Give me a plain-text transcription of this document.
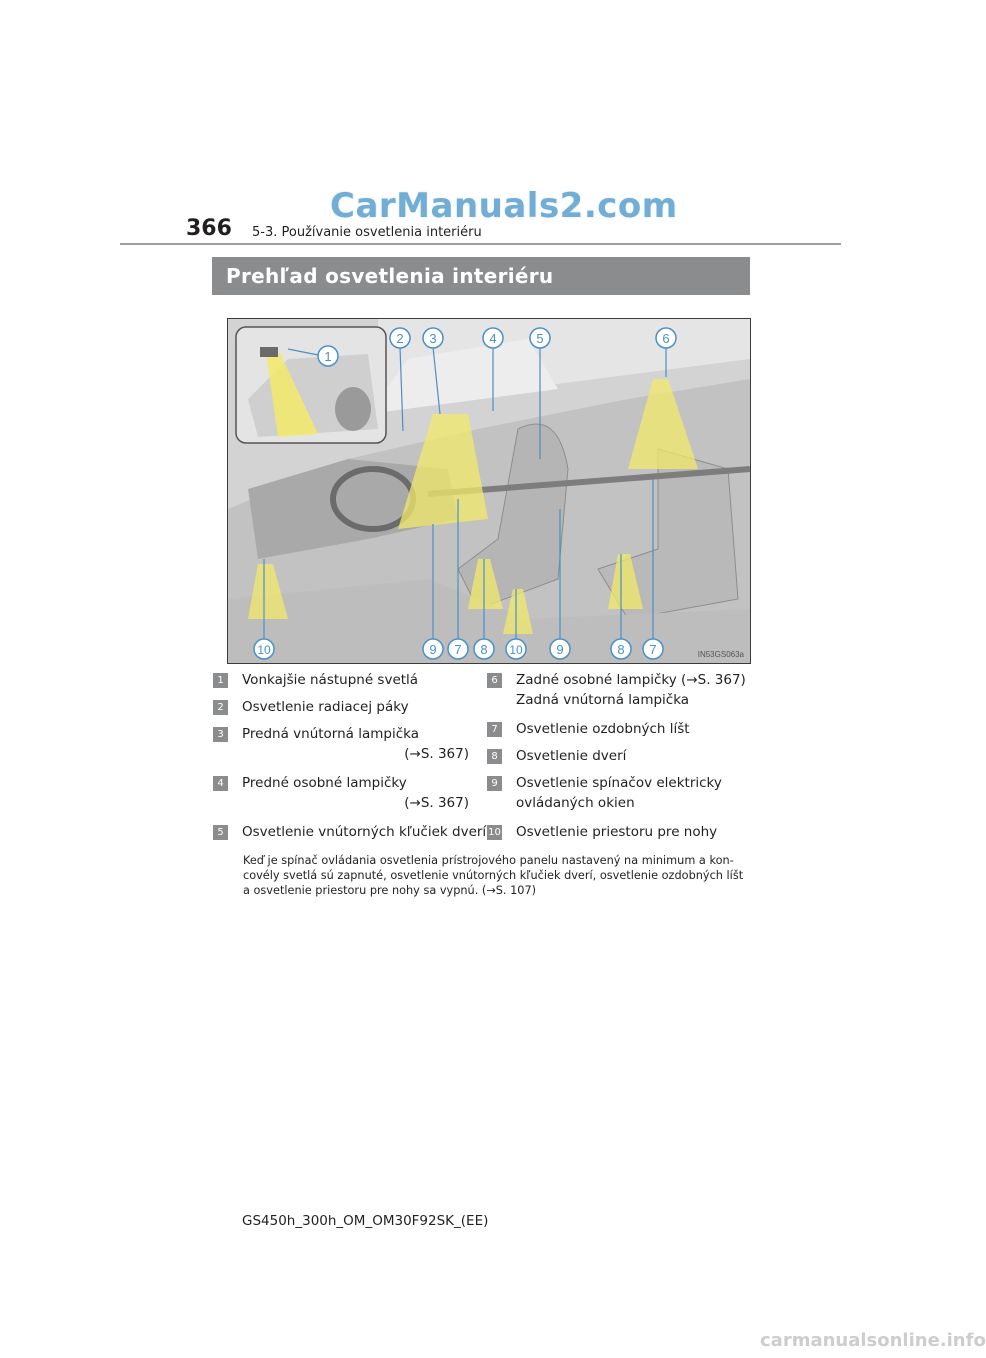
CarManuals2.com
366 5-3. Používanie osvetlenia interiéru
Prehľad osvetlenia interiéru
1
2 3	4	5	6
10	9 7 8 10	9	8 7	IN53GS063a
1	Vonkajšie nástupné svetlá
2	Osvetlenie radiacej páky
3	Predná vnútorná lampička
(→S. 367)
4	Predné osobné lampičky
(→S. 367)
5	Osvetlenie vnútorných kľučiek dverí
6	Zadné osobné lampičky (→S. 367)
Zadná vnútorná lampička
7	Osvetlenie ozdobných líšt
8	Osvetlenie dverí
9	Osvetlenie spínačov elektricky
ovládaných okien
10 Osvetlenie priestoru pre nohy
Keď je spínač ovládania osvetlenia prístrojového panelu nastavený na minimum a kon-covély svetlá sú zapnuté, osvetlenie vnútorných kľučiek dverí, osvetlenie ozdobných líšt a osvetlenie priestoru pre nohy sa vypnú. (→S. 107)
GS450h_300h_OM_OM30F92SK_(EE)
carmanualsonline.info
